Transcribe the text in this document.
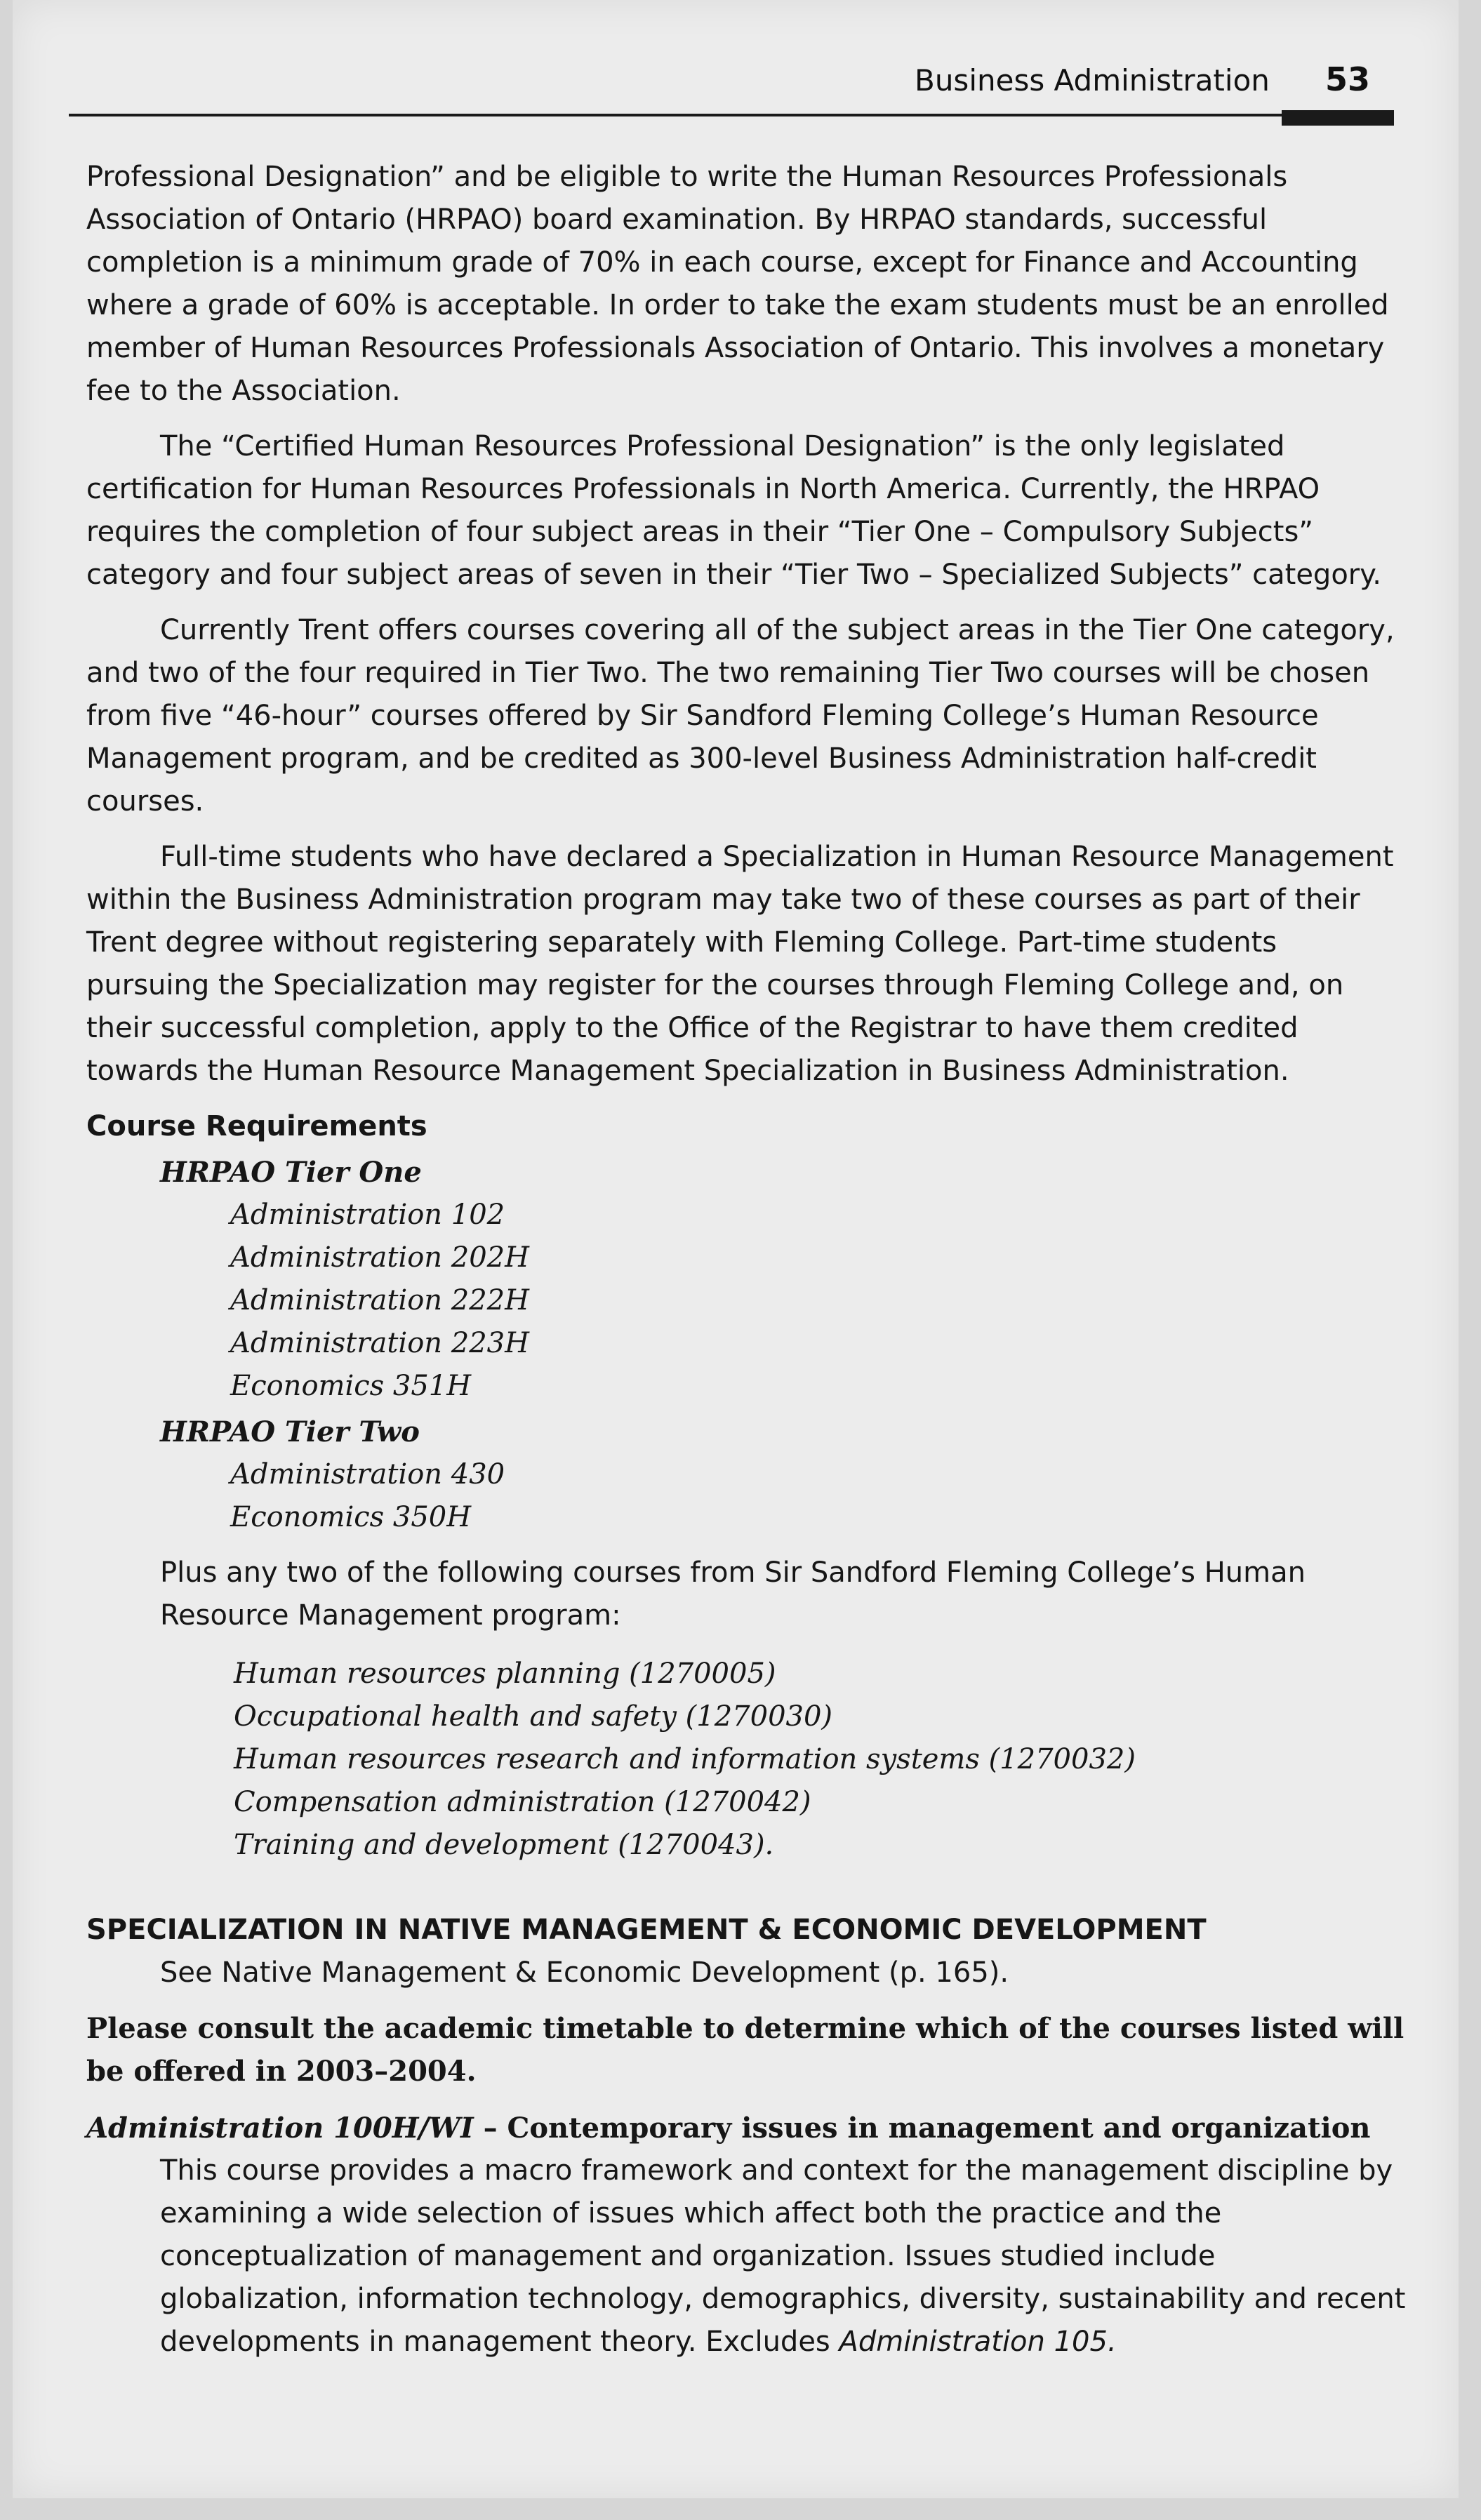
Business Administration 53

Professional Designation” and be eligible to write the Human Resources Professionals Association of Ontario (HRPAO) board examination. By HRPAO standards, successful completion is a minimum grade of 70% in each course, except for Finance and Accounting where a grade of 60% is acceptable. In order to take the exam students must be an enrolled member of Human Resources Professionals Association of Ontario. This involves a monetary fee to the Association.

The “Certified Human Resources Professional Designation” is the only legislated certification for Human Resources Professionals in North America. Currently, the HRPAO requires the completion of four subject areas in their “Tier One – Compulsory Subjects” category and four subject areas of seven in their “Tier Two – Specialized Subjects” category.

Currently Trent offers courses covering all of the subject areas in the Tier One category, and two of the four required in Tier Two. The two remaining Tier Two courses will be chosen from five “46-hour” courses offered by Sir Sandford Fleming College’s Human Resource Management program, and be credited as 300-level Business Administration half-credit courses.

Full-time students who have declared a Specialization in Human Resource Management within the Business Administration program may take two of these courses as part of their Trent degree without registering separately with Fleming College. Part-time students pursuing the Specialization may register for the courses through Fleming College and, on their successful completion, apply to the Office of the Registrar to have them credited towards the Human Resource Management Specialization in Business Administration.

Course Requirements

HRPAO Tier One

Administration 102

Administration 202H

Administration 222H

Administration 223H

Economics 351H

HRPAO Tier Two

Administration 430

Economics 350H

Plus any two of the following courses from Sir Sandford Fleming College’s Human Resource Management program:

Human resources planning (1270005)

Occupational health and safety (1270030)

Human resources research and information systems (1270032)

Compensation administration (1270042)

Training and development (1270043).

SPECIALIZATION IN NATIVE MANAGEMENT & ECONOMIC DEVELOPMENT

See Native Management & Economic Development (p. 165).

Please consult the academic timetable to determine which of the courses listed will be offered in 2003–2004.

Administration 100H/WI – Contemporary issues in management and organization

This course provides a macro framework and context for the management discipline by examining a wide selection of issues which affect both the practice and the conceptualization of management and organization. Issues studied include globalization, information technology, demographics, diversity, sustainability and recent developments in management theory. Excludes Administration 105.
